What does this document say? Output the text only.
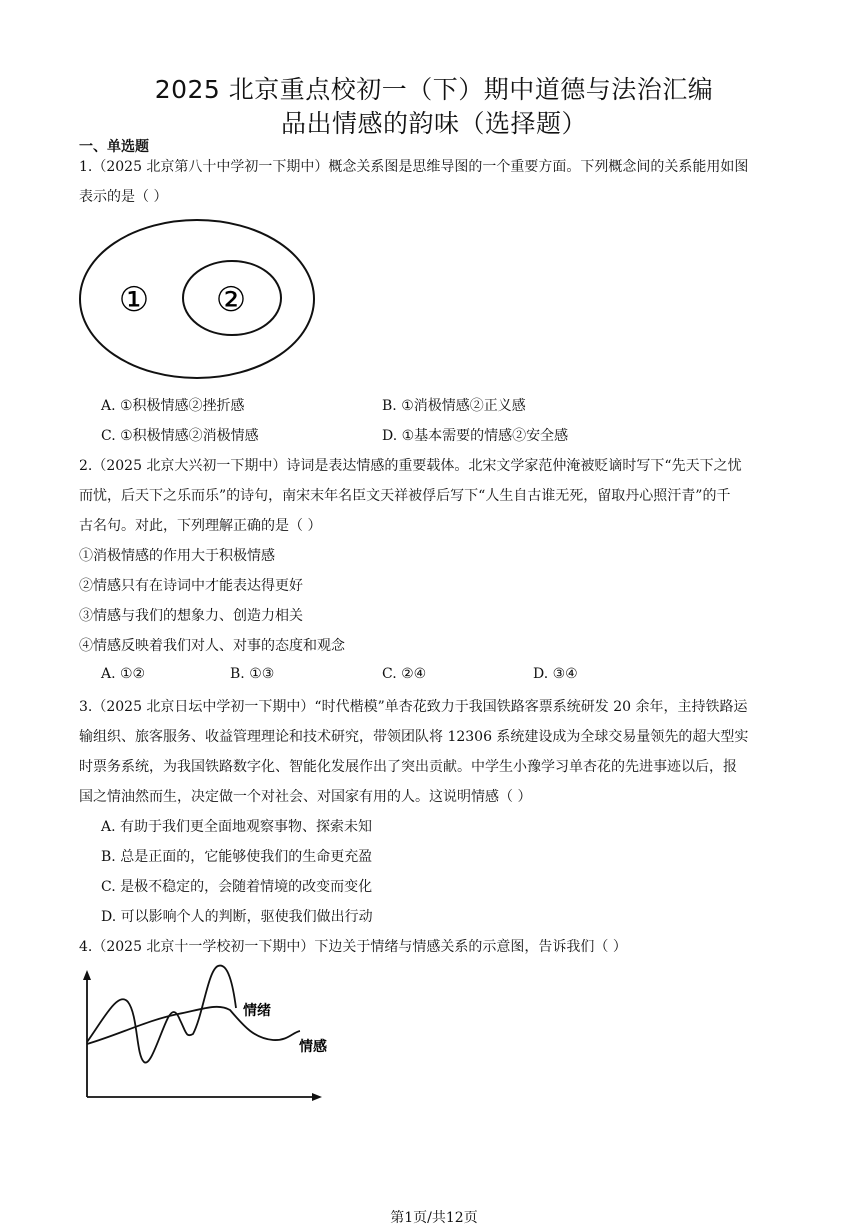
2025 北京重点校初一（下）期中道德与法治汇编
品出情感的韵味（选择题）
一、单选题
1.（2025 北京第八十中学初一下期中）概念关系图是思维导图的一个重要方面。下列概念间的关系能用如图
表示的是（ ）
① ②
A. ①积极情感②挫折感	B. ①消极情感②正义感
C. ①积极情感②消极情感	D. ①基本需要的情感②安全感
2.（2025 北京大兴初一下期中）诗词是表达情感的重要载体。北宋文学家范仲淹被贬谪时写下“先天下之忧
而忧，后天下之乐而乐”的诗句，南宋末年名臣文天祥被俘后写下“人生自古谁无死，留取丹心照汗青”的千
古名句。对此，下列理解正确的是（ ）
①消极情感的作用大于积极情感
②情感只有在诗词中才能表达得更好
③情感与我们的想象力、创造力相关
④情感反映着我们对人、对事的态度和观念
A. ①②	B. ①③	C. ②④	D. ③④
3.（2025 北京日坛中学初一下期中）“时代楷模”单杏花致力于我国铁路客票系统研发 20 余年，主持铁路运
输组织、旅客服务、收益管理理论和技术研究，带领团队将 12306 系统建设成为全球交易量领先的超大型实
时票务系统，为我国铁路数字化、智能化发展作出了突出贡献。中学生小豫学习单杏花的先进事迹以后，报
国之情油然而生，决定做一个对社会、对国家有用的人。这说明情感（ ）
A. 有助于我们更全面地观察事物、探索未知
B. 总是正面的，它能够使我们的生命更充盈
C. 是极不稳定的，会随着情境的改变而变化
D. 可以影响个人的判断，驱使我们做出行动
4.（2025 北京十一学校初一下期中）下边关于情绪与情感关系的示意图，告诉我们（ ）
情绪
情感
第1页/共12页
